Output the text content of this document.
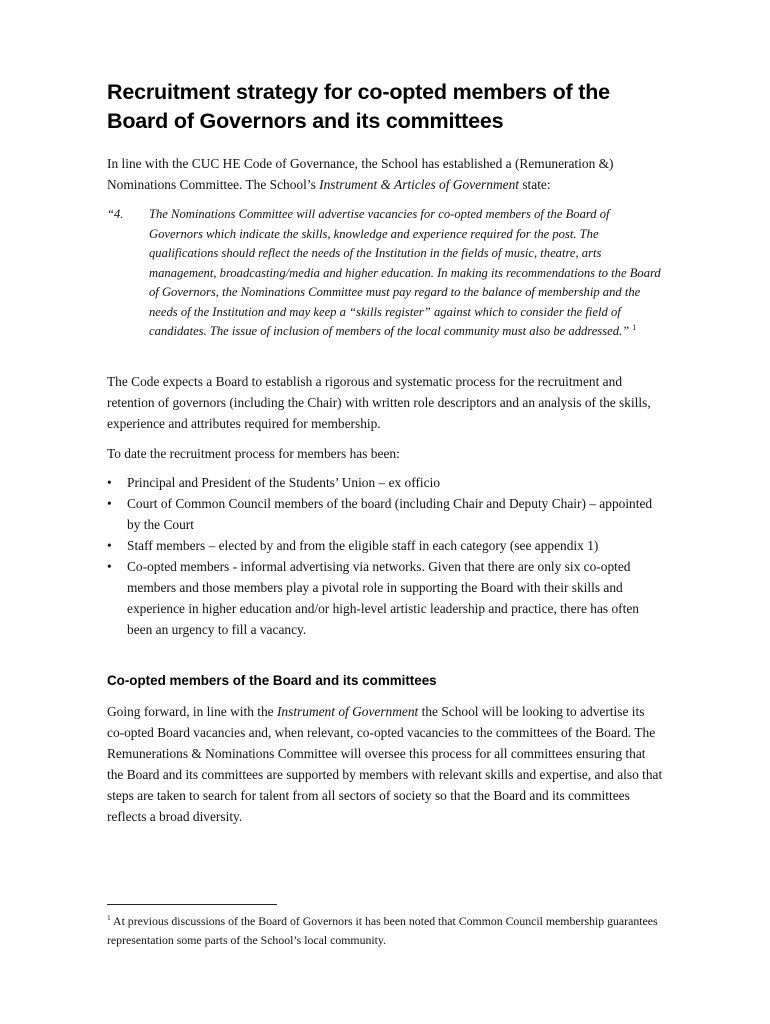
Recruitment strategy for co-opted members of the
Board of Governors and its committees

In line with the CUC HE Code of Governance, the School has established a (Remuneration &) Nominations Committee. The School’s Instrument & Articles of Government state:

“4.	The Nominations Committee will advertise vacancies for co-opted members of the Board of Governors which indicate the skills, knowledge and experience required for the post. The qualifications should reflect the needs of the Institution in the fields of music, theatre, arts management, broadcasting/media and higher education. In making its recommendations to the Board of Governors, the Nominations Committee must pay regard to the balance of membership and the needs of the Institution and may keep a “skills register” against which to consider the field of candidates. The issue of inclusion of members of the local community must also be addressed.” $^1$

The Code expects a Board to establish a rigorous and systematic process for the recruitment and retention of governors (including the Chair) with written role descriptors and an analysis of the skills, experience and attributes required for membership.

To date the recruitment process for members has been:

•	Principal and President of the Students’ Union – ex officio
•	Court of Common Council members of the board (including Chair and Deputy Chair) – appointed by the Court
•	Staff members – elected by and from the eligible staff in each category (see appendix 1)
•	Co-opted members - informal advertising via networks. Given that there are only six co-opted members and those members play a pivotal role in supporting the Board with their skills and experience in higher education and/or high-level artistic leadership and practice, there has often been an urgency to fill a vacancy.
Co-opted members of the Board and its committees

Going forward, in line with the Instrument of Government the School will be looking to advertise its co-opted Board vacancies and, when relevant, co-opted vacancies to the committees of the Board. The Remunerations & Nominations Committee will oversee this process for all committees ensuring that the Board and its committees are supported by members with relevant skills and expertise, and also that steps are taken to search for talent from all sectors of society so that the Board and its committees reflects a broad diversity.

$^1$ At previous discussions of the Board of Governors it has been noted that Common Council membership guarantees representation some parts of the School’s local community.
